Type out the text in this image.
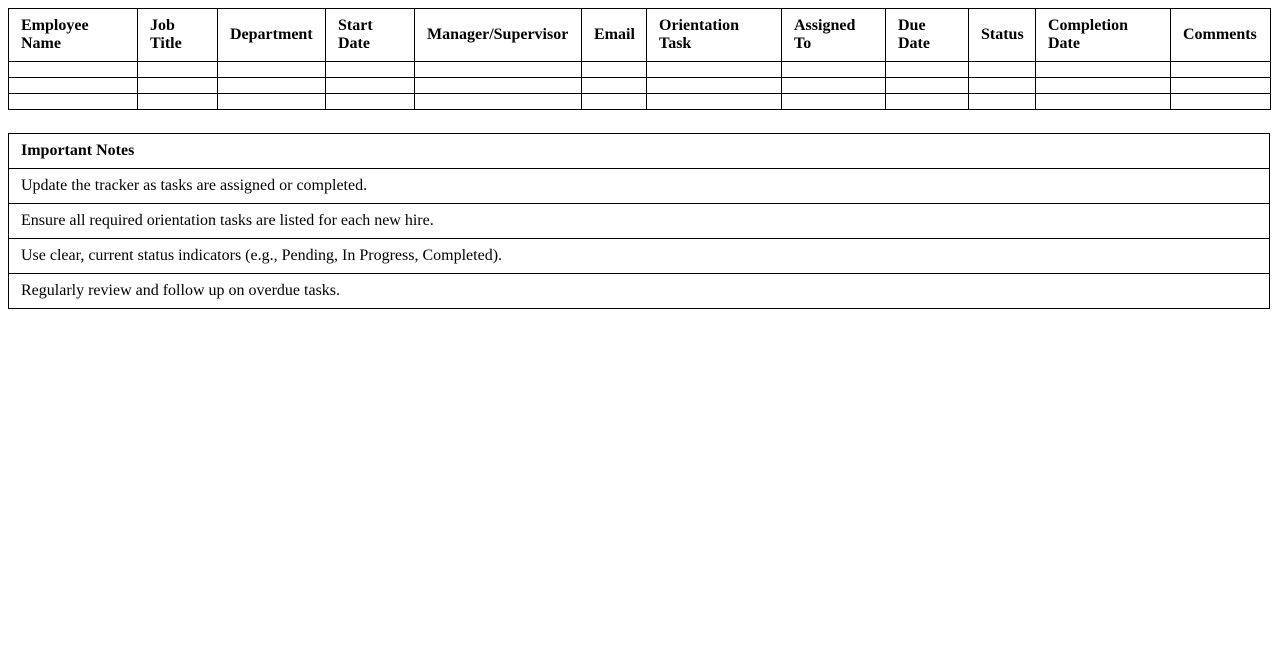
Employee Name	Job Title	Department	Start Date	Manager/Supervisor	Email	Orientation Task	Assigned To	Due Date	Status	Completion Date	Comments

Important Notes
Update the tracker as tasks are assigned or completed.
Ensure all required orientation tasks are listed for each new hire.
Use clear, current status indicators (e.g., Pending, In Progress, Completed).
Regularly review and follow up on overdue tasks.
